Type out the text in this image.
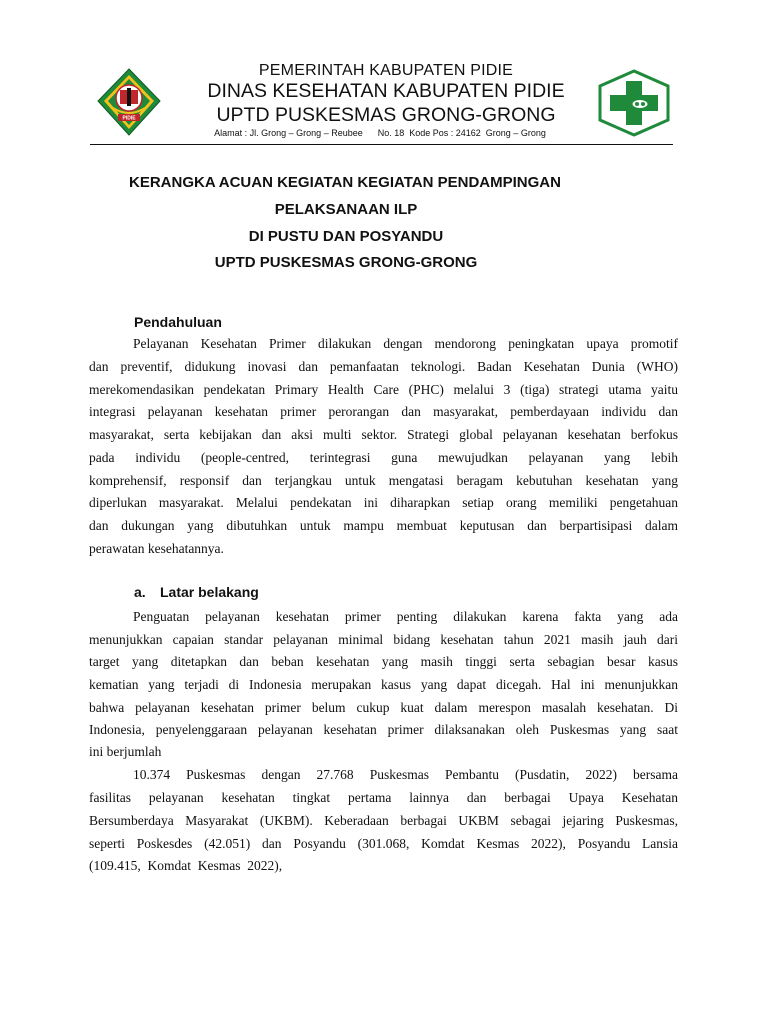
PIDIE
PEMERINTAH KABUPATEN PIDIE
DINAS KESEHATAN KABUPATEN PIDIE
UPTD PUSKESMAS GRONG-GRONG
Alamat : Jl. Grong – Grong – Reubee      No. 18  Kode Pos : 24162  Grong – Grong
KERANGKA ACUAN KEGIATAN KEGIATAN PENDAMPINGAN
PELAKSANAAN ILP
DI PUSTU DAN POSYANDU
UPTD PUSKESMAS GRONG-GRONG
Pendahuluan
Pelayanan Kesehatan Primer dilakukan dengan mendorong peningkatan upaya promotif
dan preventif, didukung inovasi dan pemanfaatan teknologi. Badan Kesehatan Dunia (WHO)
merekomendasikan pendekatan Primary Health Care (PHC) melalui 3 (tiga) strategi utama yaitu
integrasi pelayanan kesehatan primer perorangan dan masyarakat, pemberdayaan individu dan
masyarakat, serta kebijakan dan aksi multi sektor. Strategi global pelayanan kesehatan berfokus
pada individu (people-centred, terintegrasi guna mewujudkan pelayanan yang lebih
komprehensif, responsif dan terjangkau untuk mengatasi beragam kebutuhan kesehatan yang
diperlukan masyarakat. Melalui pendekatan ini diharapkan setiap orang memiliki pengetahuan
dan dukungan yang dibutuhkan untuk mampu membuat keputusan dan berpartisipasi dalam
perawatan kesehatannya.
a. Latar belakang
Penguatan pelayanan kesehatan primer penting dilakukan karena fakta yang ada
menunjukkan capaian standar pelayanan minimal bidang kesehatan tahun 2021 masih jauh dari
target yang ditetapkan dan beban kesehatan yang masih tinggi serta sebagian besar kasus
kematian yang terjadi di Indonesia merupakan kasus yang dapat dicegah. Hal ini menunjukkan
bahwa pelayanan kesehatan primer belum cukup kuat dalam merespon masalah kesehatan. Di
Indonesia, penyelenggaraan pelayanan kesehatan primer dilaksanakan oleh Puskesmas yang saat
ini berjumlah
10.374 Puskesmas dengan 27.768 Puskesmas Pembantu (Pusdatin, 2022) bersama
fasilitas pelayanan kesehatan tingkat pertama lainnya dan berbagai Upaya Kesehatan
Bersumberdaya Masyarakat (UKBM). Keberadaan berbagai UKBM sebagai jejaring Puskesmas,
seperti Poskesdes (42.051) dan Posyandu (301.068, Komdat Kesmas 2022), Posyandu Lansia
(109.415,  Komdat  Kesmas  2022),
